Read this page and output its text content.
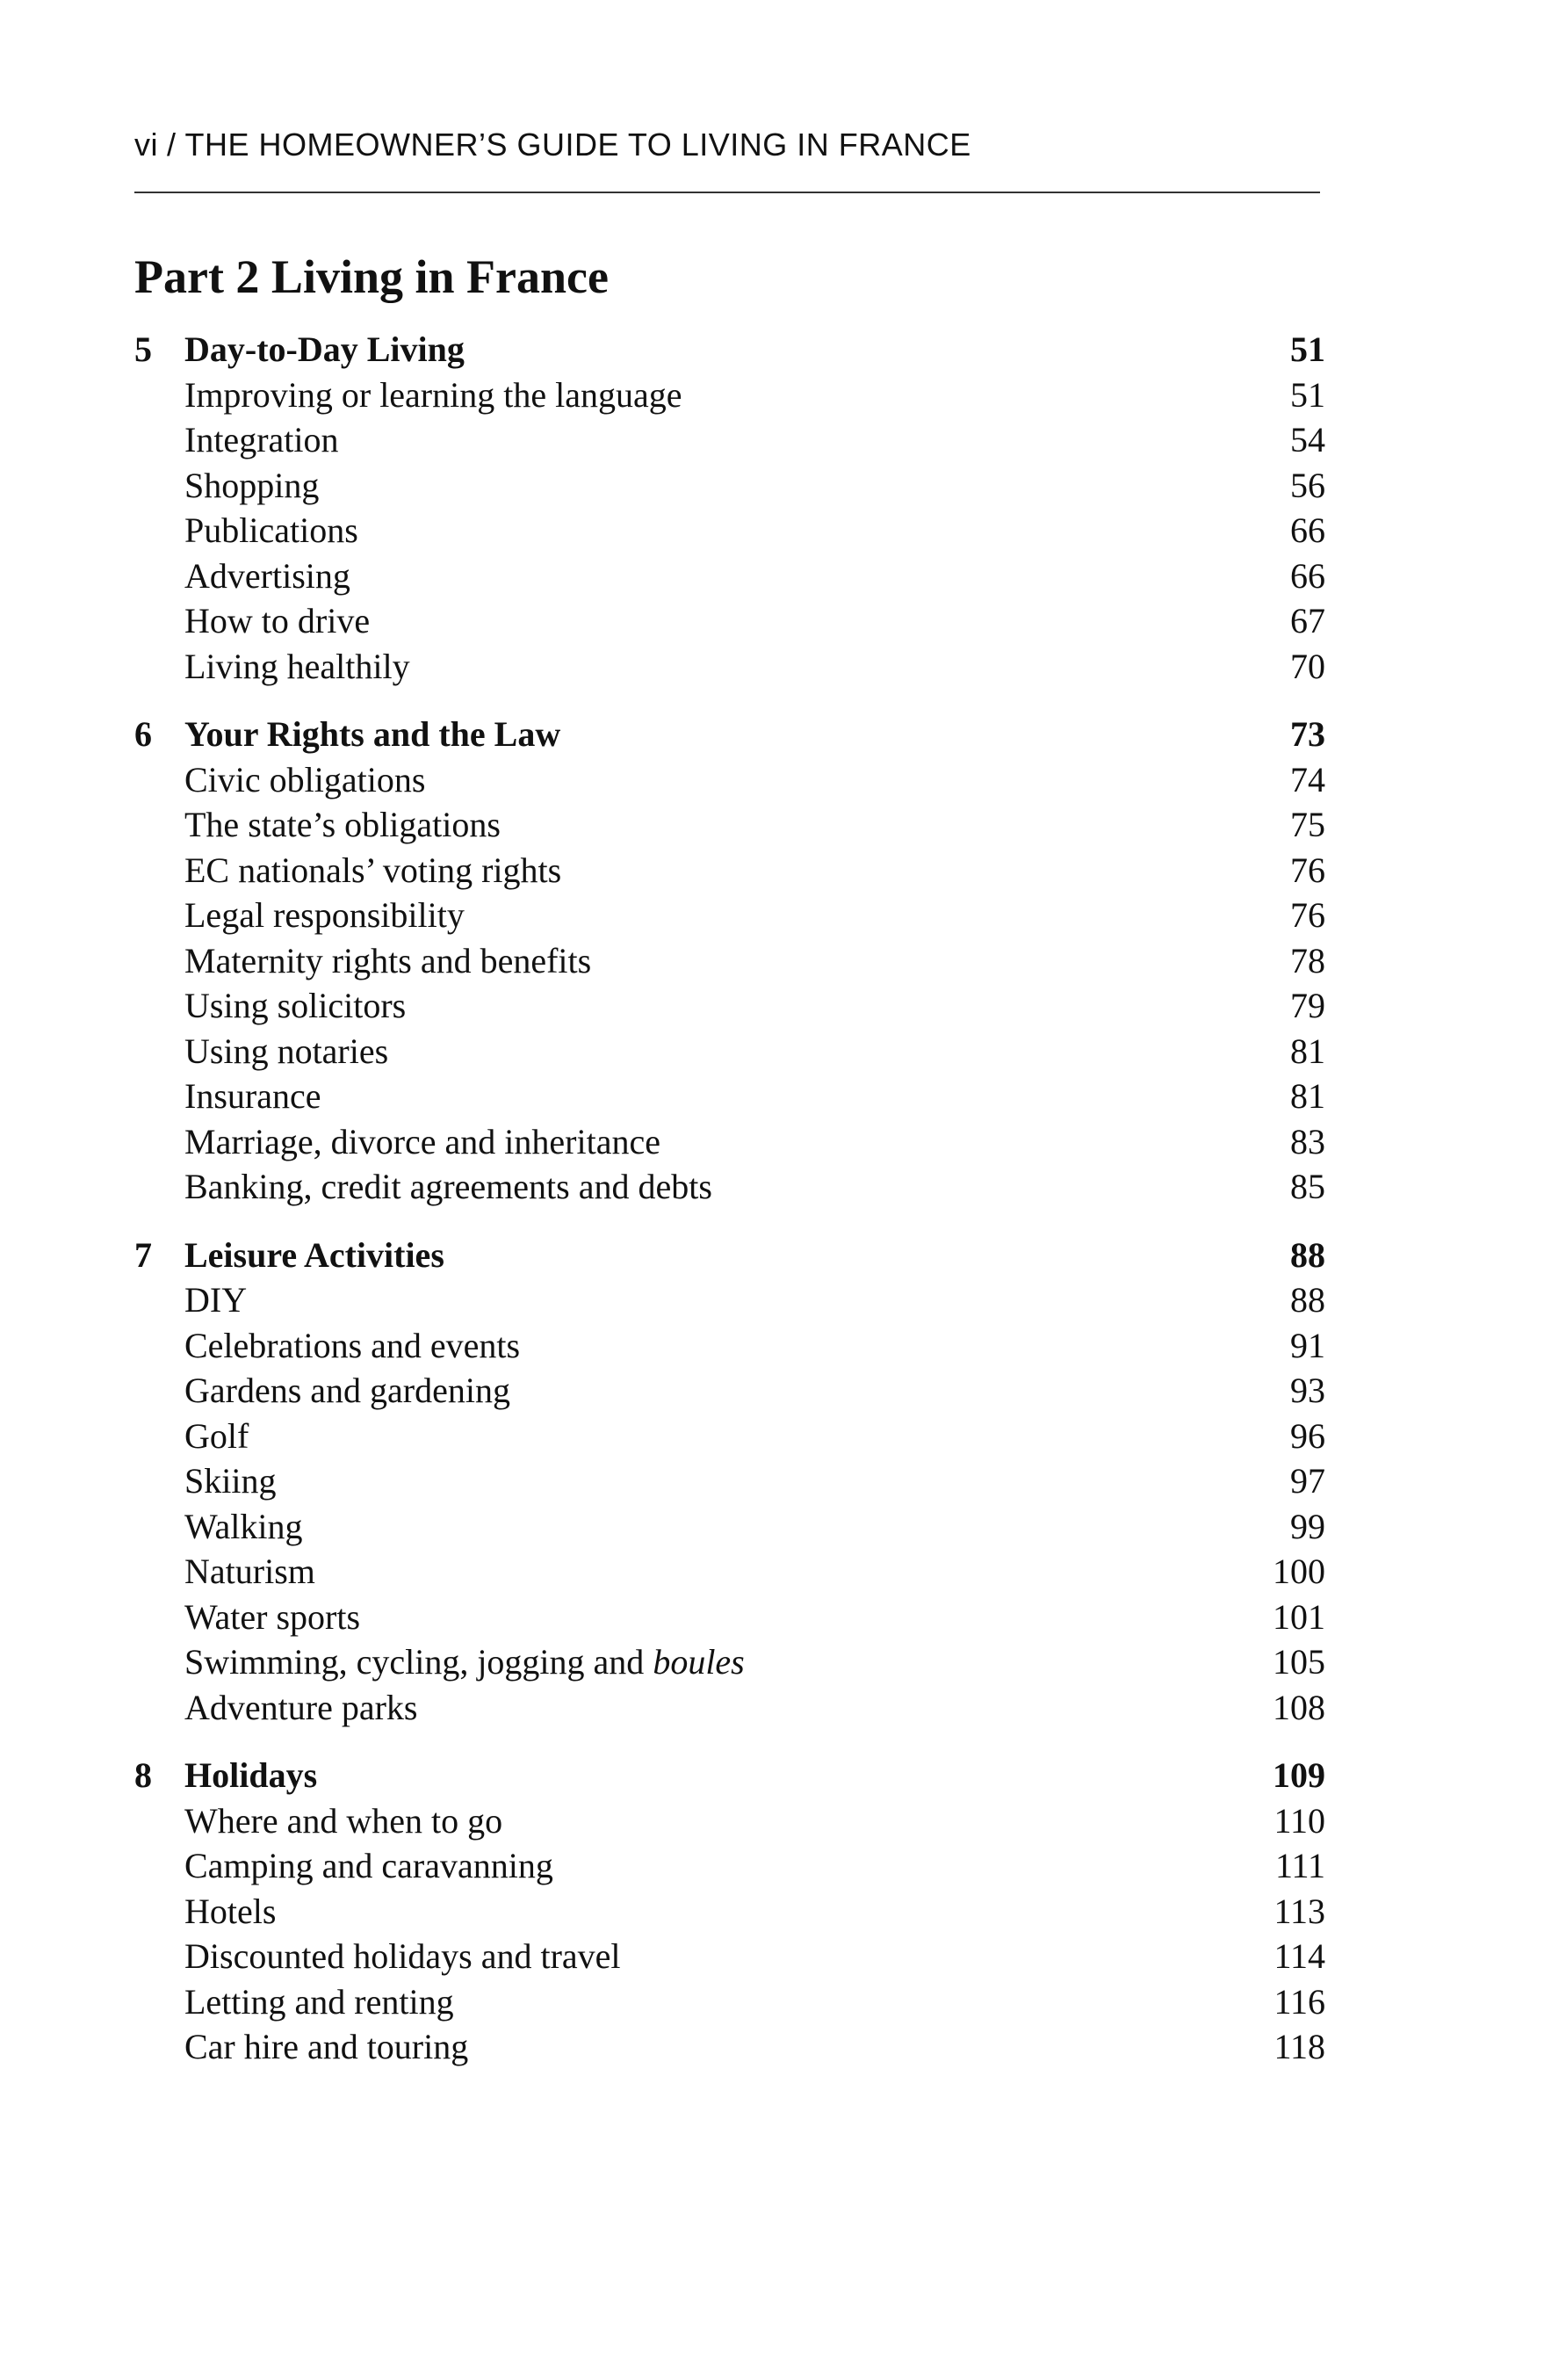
vi / THE HOMEOWNER’S GUIDE TO LIVING IN FRANCE
Part 2 Living in France
5 Day-to-Day Living	51
Improving or learning the language	51
Integration	54
Shopping	56
Publications	66
Advertising	66
How to drive	67
Living healthily	70
6 Your Rights and the Law	73
Civic obligations	74
The state’s obligations	75
EC nationals’ voting rights	76
Legal responsibility	76
Maternity rights and benefits	78
Using solicitors	79
Using notaries	81
Insurance	81
Marriage, divorce and inheritance	83
Banking, credit agreements and debts	85
7 Leisure Activities	88
DIY	88
Celebrations and events	91
Gardens and gardening	93
Golf	96
Skiing	97
Walking	99
Naturism	100
Water sports	101
Swimming, cycling, jogging and boules	105
Adventure parks	108
8 Holidays	109
Where and when to go	110
Camping and caravanning	111
Hotels	113
Discounted holidays and travel	114
Letting and renting	116
Car hire and touring	118
